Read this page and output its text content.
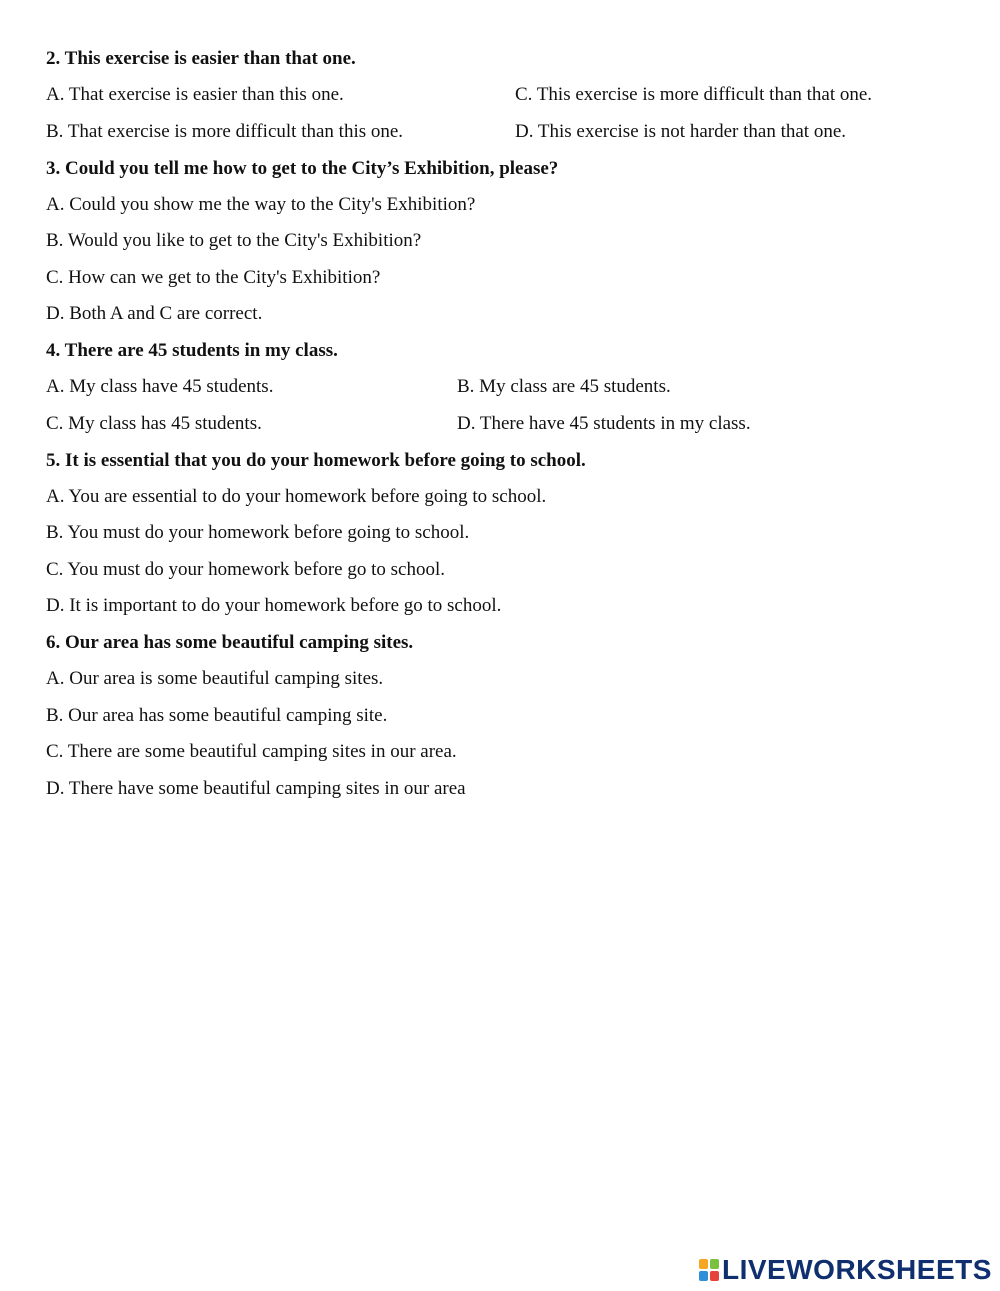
2. This exercise is easier than that one.
A. That exercise is easier than this one.	C. This exercise is more difficult than that one.
B. That exercise is more difficult than this one.	D. This exercise is not harder than that one.
3. Could you tell me how to get to the City’s Exhibition, please?
A. Could you show me the way to the City's Exhibition?
B. Would you like to get to the City's Exhibition?
C. How can we get to the City's Exhibition?
D. Both A and C are correct.
4. There are 45 students in my class.
A. My class have 45 students.	B. My class are 45 students.
C. My class has 45 students.	D. There have 45 students in my class.
5. It is essential that you do your homework before going to school.
A. You are essential to do your homework before going to school.
B. You must do your homework before going to school.
C. You must do your homework before go to school.
D. It is important to do your homework before go to school.
6. Our area has some beautiful camping sites.
A. Our area is some beautiful camping sites.
B. Our area has some beautiful camping site.
C. There are some beautiful camping sites in our area.
D. There have some beautiful camping sites in our area
LIVEWORKSHEETS
